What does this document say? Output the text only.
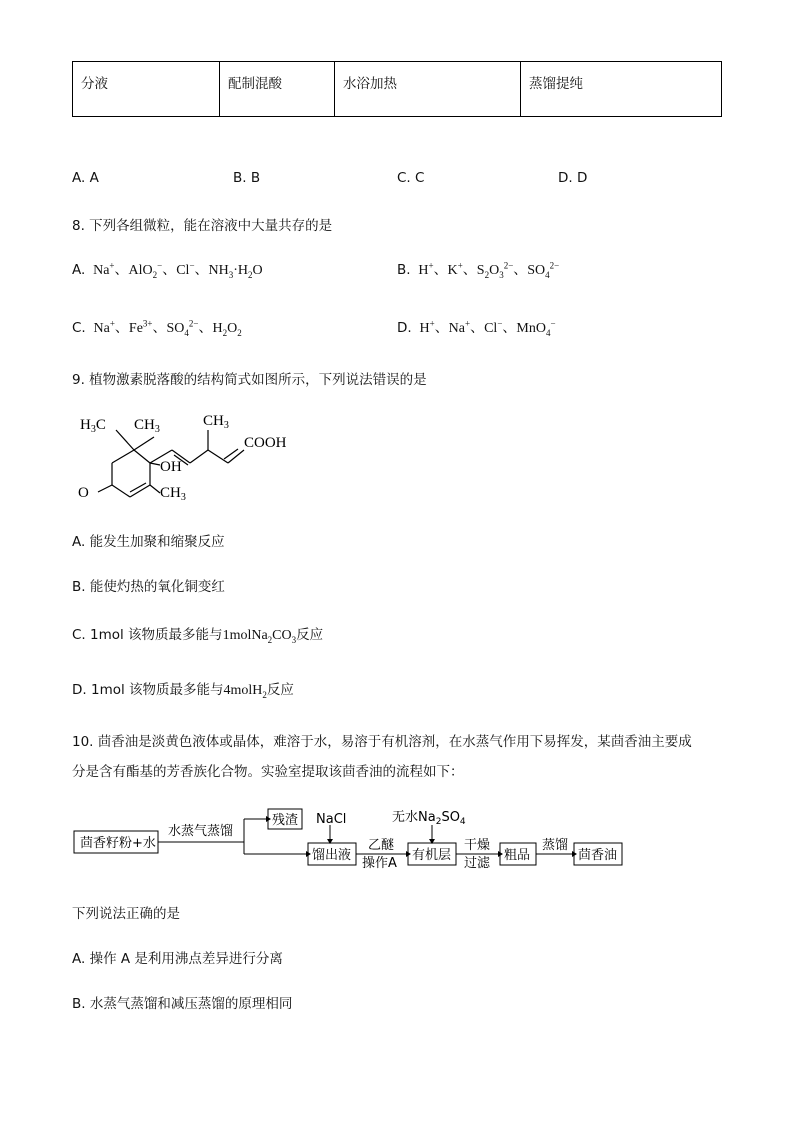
分液	配制混酸	水浴加热	蒸馏提纯
A. A	B. B	C. C	D. D
8. 下列各组微粒，能在溶液中大量共存的是
A.  Na+、AlO$_2$−、Cl−、$NH_3\cdot H_2O$	B.  H+、K+、$S_2O_3^{2-}$、$SO_4^{2-}$
C.  Na+、$Fe^{3+}$、$SO_4^{2-}$、$H_2O_2$	D.  H+、Na+、Cl−、MnO$_4$−
9. 植物激素脱落酸的结构简式如图所示，下列说法错误的是
$H_3C$ $CH_3$
$CH_3$
COOH
OH
$CH_3$
O
A. 能发生加聚和缩聚反应
B. 能使灼热的氧化铜变红
C. 1mol 该物质最多能与$1molNa_2CO_3$反应
D. 1mol 该物质最多能与4molH$_2$反应
10. 茴香油是淡黄色液体或晶体，难溶于水，易溶于有机溶剂，在水蒸气作用下易挥发，某茴香油主要成
分是含有酯基的芳香族化合物。实验室提取该茴香油的流程如下：
茴香籽粉+水
水蒸气蒸馏
残渣 NaCl	无水$Na_2SO_4$
馏出液
乙醚
操作A
有机层
干燥
过滤
粗品
蒸馏
茴香油
下列说法正确的是
A. 操作 A 是利用沸点差异进行分离
B. 水蒸气蒸馏和减压蒸馏的原理相同
